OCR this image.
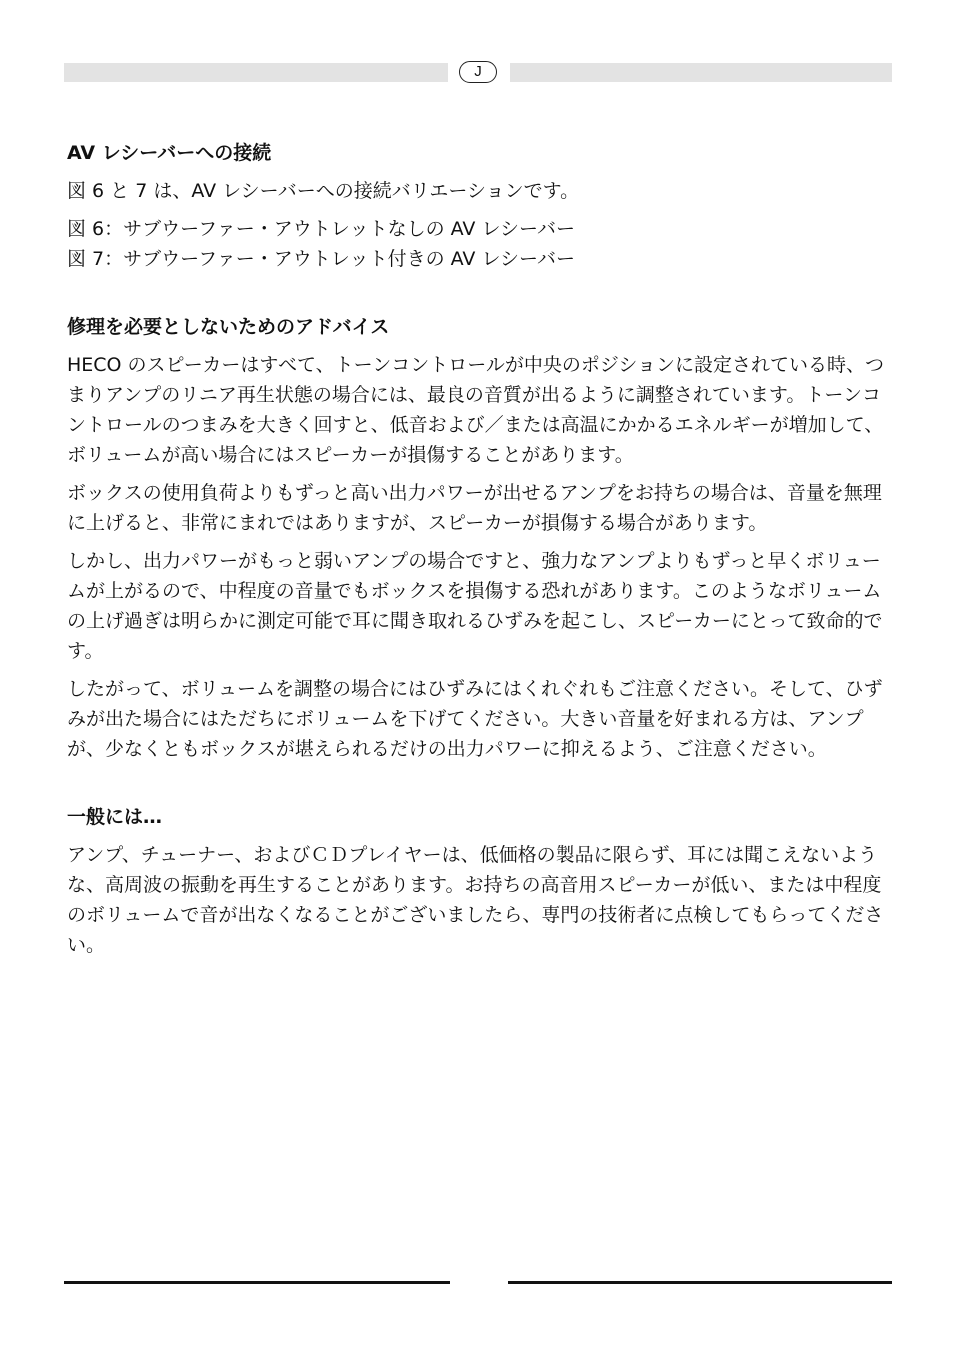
J
AV レシーバーへの接続

図 6 と 7 は、AV レシーバーへの接続バリエーションです。

図 6：サブウーファー・アウトレットなしの AV レシーバー
図 7：サブウーファー・アウトレット付きの AV レシーバー

修理を必要としないためのアドバイス

HECO のスピーカーはすべて、トーンコントロールが中央のポジションに設定されている時、つまりアンプのリニア再生状態の場合には、最良の音質が出るように調整されています。トーンコントロールのつまみを大きく回すと、低音および／または高温にかかるエネルギーが増加して、ボリュームが高い場合にはスピーカーが損傷することがあります。

ボックスの使用負荷よりもずっと高い出力パワーが出せるアンプをお持ちの場合は、音量を無理に上げると、非常にまれではありますが、スピーカーが損傷する場合があります。

しかし、出力パワーがもっと弱いアンプの場合ですと、強力なアンプよりもずっと早くボリュームが上がるので、中程度の音量でもボックスを損傷する恐れがあります。このようなボリュームの上げ過ぎは明らかに測定可能で耳に聞き取れるひずみを起こし、スピーカーにとって致命的です。

したがって、ボリュームを調整の場合にはひずみにはくれぐれもご注意ください。そして、ひずみが出た場合にはただちにボリュームを下げてください。大きい音量を好まれる方は、アンプが、少なくともボックスが堪えられるだけの出力パワーに抑えるよう、ご注意ください。

一般には…

アンプ、チューナー、およびＣＤプレイヤーは、低価格の製品に限らず、耳には聞こえないような、高周波の振動を再生することがあります。お持ちの高音用スピーカーが低い、または中程度のボリュームで音が出なくなることがございましたら、専門の技術者に点検してもらってください。
